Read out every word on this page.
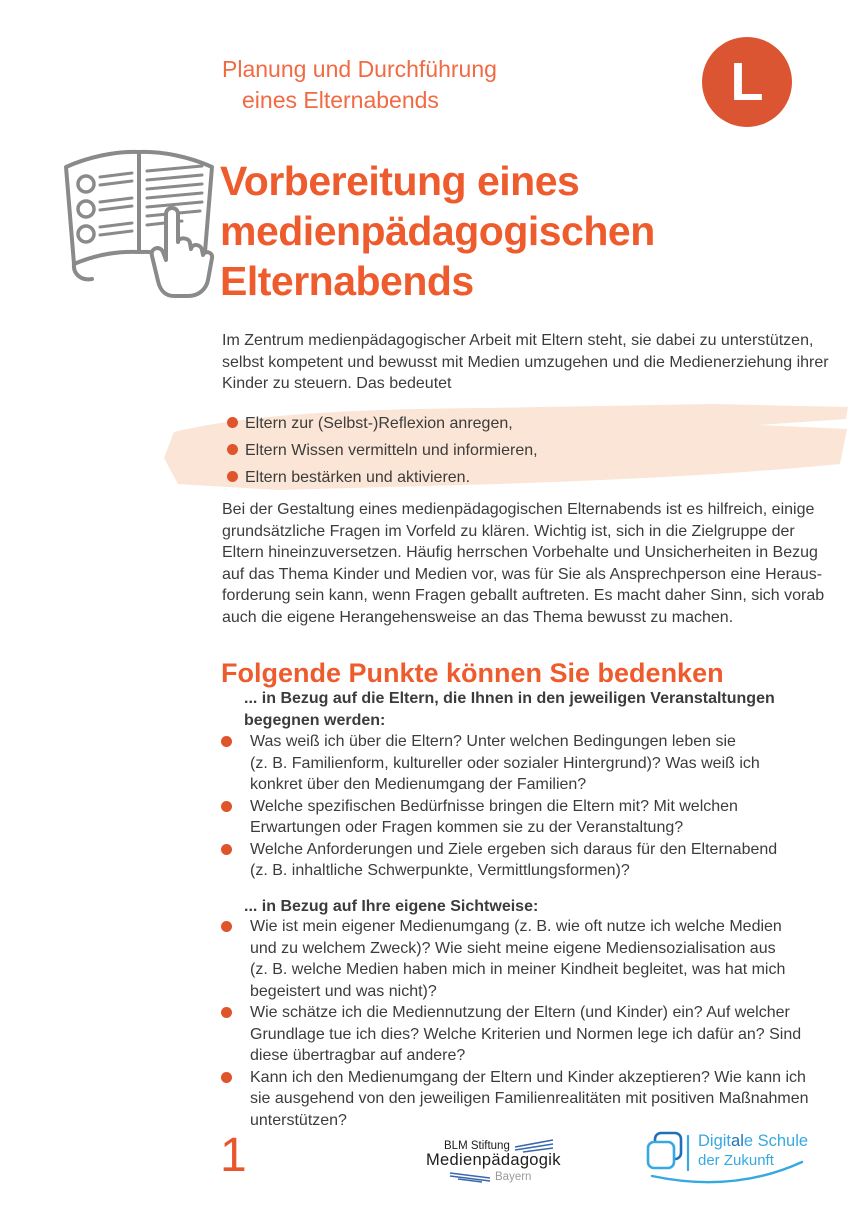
Planung und Durchführung
eines Elternabends	L
Vorbereitung eines
medienpädagogischen
Elternabends
Im Zentrum medienpädagogischer Arbeit mit Eltern steht, sie dabei zu unterstützen,
selbst kompetent und bewusst mit Medien umzugehen und die Medienerziehung ihrer
Kinder zu steuern. Das bedeutet
Eltern zur (Selbst-)Reflexion anregen,
Eltern Wissen vermitteln und informieren,
Eltern bestärken und aktivieren.
Bei der Gestaltung eines medienpädagogischen Elternabends ist es hilfreich, einige
grundsätzliche Fragen im Vorfeld zu klären. Wichtig ist, sich in die Zielgruppe der
Eltern hineinzuversetzen. Häufig herrschen Vorbehalte und Unsicherheiten in Bezug
auf das Thema Kinder und Medien vor, was für Sie als Ansprechperson eine Heraus-
forderung sein kann, wenn Fragen geballt auftreten. Es macht daher Sinn, sich vorab
auch die eigene Herangehensweise an das Thema bewusst zu machen.
Folgende Punkte können Sie bedenken
... in Bezug auf die Eltern, die Ihnen in den jeweiligen Veranstaltungen
begegnen werden:
Was weiß ich über die Eltern? Unter welchen Bedingungen leben sie
(z. B. Familienform, kultureller oder sozialer Hintergrund)? Was weiß ich
konkret über den Medienumgang der Familien?
Welche spezifischen Bedürfnisse bringen die Eltern mit? Mit welchen
Erwartungen oder Fragen kommen sie zu der Veranstaltung?
Welche Anforderungen und Ziele ergeben sich daraus für den Elternabend
(z. B. inhaltliche Schwerpunkte, Vermittlungsformen)?
... in Bezug auf Ihre eigene Sichtweise:
Wie ist mein eigener Medienumgang (z. B. wie oft nutze ich welche Medien
und zu welchem Zweck)? Wie sieht meine eigene Mediensozialisation aus
(z. B. welche Medien haben mich in meiner Kindheit begleitet, was hat mich
begeistert und was nicht)?
Wie schätze ich die Mediennutzung der Eltern (und Kinder) ein? Auf welcher
Grundlage tue ich dies? Welche Kriterien und Normen lege ich dafür an? Sind
diese übertragbar auf andere?
Kann ich den Medienumgang der Eltern und Kinder akzeptieren? Wie kann ich
sie ausgehend von den jeweiligen Familienrealitäten mit positiven Maßnahmen
unterstützen?
1	BLM Stiftung
Medienpädagogik
Bayern
Digitale Schule
der Zukunft
